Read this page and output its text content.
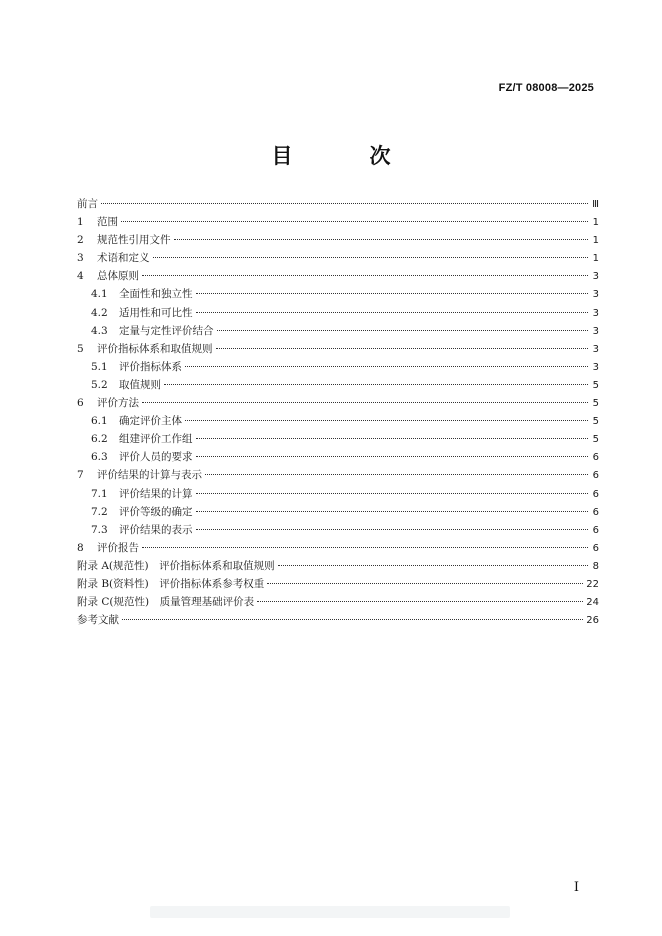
FZ/T 08008—2025
目　次
前言	Ⅲ
1	范围	1
2	规范性引用文件	1
3	术语和定义	1
4	总体原则	3
4.1	全面性和独立性	3
4.2	适用性和可比性	3
4.3	定量与定性评价结合	3
5	评价指标体系和取值规则	3
5.1	评价指标体系	3
5.2	取值规则	5
6	评价方法	5
6.1	确定评价主体	5
6.2	组建评价工作组	5
6.3	评价人员的要求	6
7	评价结果的计算与表示	6
7.1	评价结果的计算	6
7.2	评价等级的确定	6
7.3	评价结果的表示	6
8	评价报告	6
附录 A(规范性)　评价指标体系和取值规则	8
附录 B(资料性)　评价指标体系参考权重	22
附录 C(规范性)　质量管理基础评价表	24
参考文献	26
I
